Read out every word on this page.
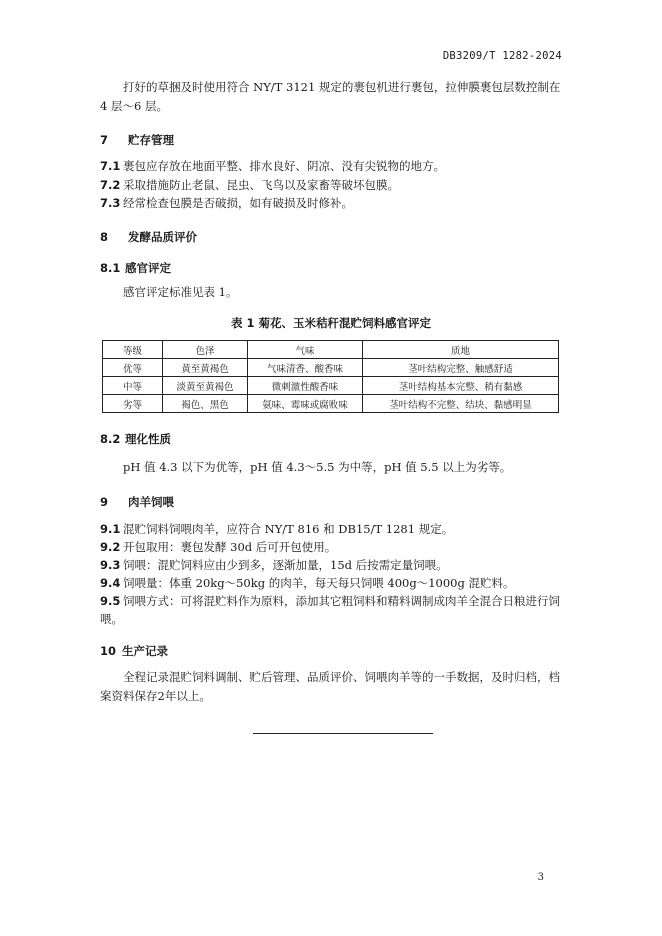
DB3209/T 1282-2024
打好的草捆及时使用符合 NY/T 3121 规定的裹包机进行裹包，拉伸膜裹包层数控制在 4 层～6 层。
7 贮存管理
7.1 裹包应存放在地面平整、排水良好、阴凉、没有尖锐物的地方。
7.2 采取措施防止老鼠、昆虫、飞鸟以及家畜等破坏包膜。
7.3 经常检查包膜是否破损，如有破损及时修补。
8 发酵品质评价
8.1 感官评定
感官评定标准见表 1。
表 1 菊花、玉米秸秆混贮饲料感官评定
等级	色泽	气味	质地
优等	黄至黄褐色	气味清香、酸香味	茎叶结构完整、触感舒适
中等	淡黄至黄褐色	微刺激性酸香味	茎叶结构基本完整、稍有黏感
劣等	褐色、黑色	氨味、霉味或腐败味	茎叶结构不完整、结块、黏感明显
8.2 理化性质
pH 值 4.3 以下为优等，pH 值 4.3～5.5 为中等，pH 值 5.5 以上为劣等。
9 肉羊饲喂
9.1 混贮饲料饲喂肉羊，应符合 NY/T 816 和 DB15/T 1281 规定。
9.2 开包取用：裹包发酵 30d 后可开包使用。
9.3 饲喂：混贮饲料应由少到多，逐渐加量，15d 后按需定量饲喂。
9.4 饲喂量：体重 20kg～50kg 的肉羊，每天每只饲喂 400g～1000g 混贮料。
9.5 饲喂方式：可将混贮料作为原料，添加其它粗饲料和精料调制成肉羊全混合日粮进行饲喂。
10 生产记录
全程记录混贮饲料调制、贮后管理、品质评价、饲喂肉羊等的一手数据，及时归档，档案资料保存2年以上。
3
